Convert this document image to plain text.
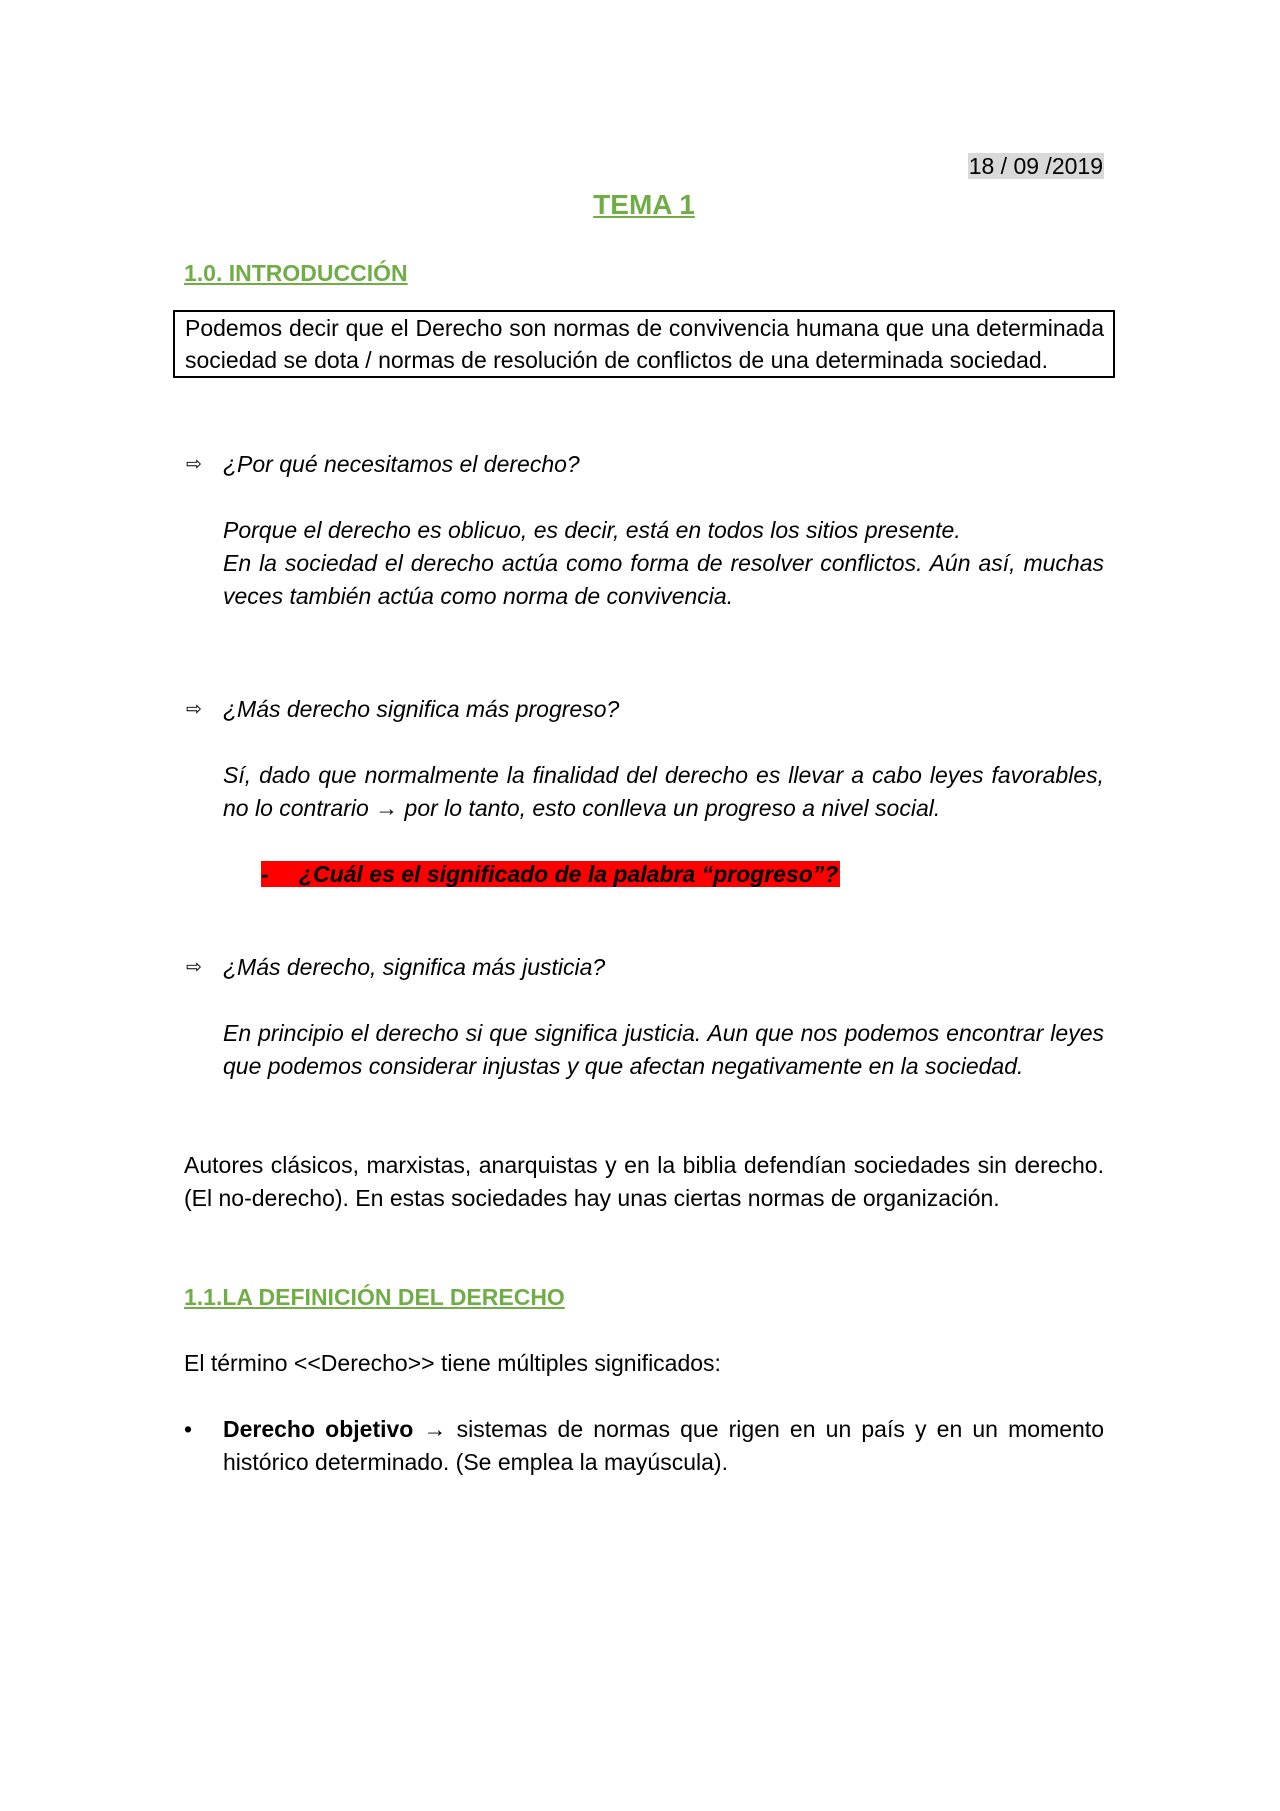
18 / 09 /2019
TEMA 1
1.0. INTRODUCCIÓN
Podemos decir que el Derecho son normas de convivencia humana que una determinada sociedad se dota / normas de resolución de conflictos de una determinada sociedad.
⇨ ¿Por qué necesitamos el derecho?
Porque el derecho es oblicuo, es decir, está en todos los sitios presente.
En la sociedad el derecho actúa como forma de resolver conflictos. Aún así, muchas veces también actúa como norma de convivencia.
⇨ ¿Más derecho significa más progreso?
Sí, dado que normalmente la finalidad del derecho es llevar a cabo leyes favorables, no lo contrario → por lo tanto, esto conlleva un progreso a nivel social.
- ¿Cuál es el significado de la palabra “progreso”?
⇨ ¿Más derecho, significa más justicia?
En principio el derecho si que significa justicia. Aun que nos podemos encontrar leyes que podemos considerar injustas y que afectan negativamente en la sociedad.
Autores clásicos, marxistas, anarquistas y en la biblia defendían sociedades sin derecho. (El no-derecho). En estas sociedades hay unas ciertas normas de organización.
1.1.LA DEFINICIÓN DEL DERECHO
El término <<Derecho>> tiene múltiples significados:
• Derecho objetivo → sistemas de normas que rigen en un país y en un momento histórico determinado. (Se emplea la mayúscula).
